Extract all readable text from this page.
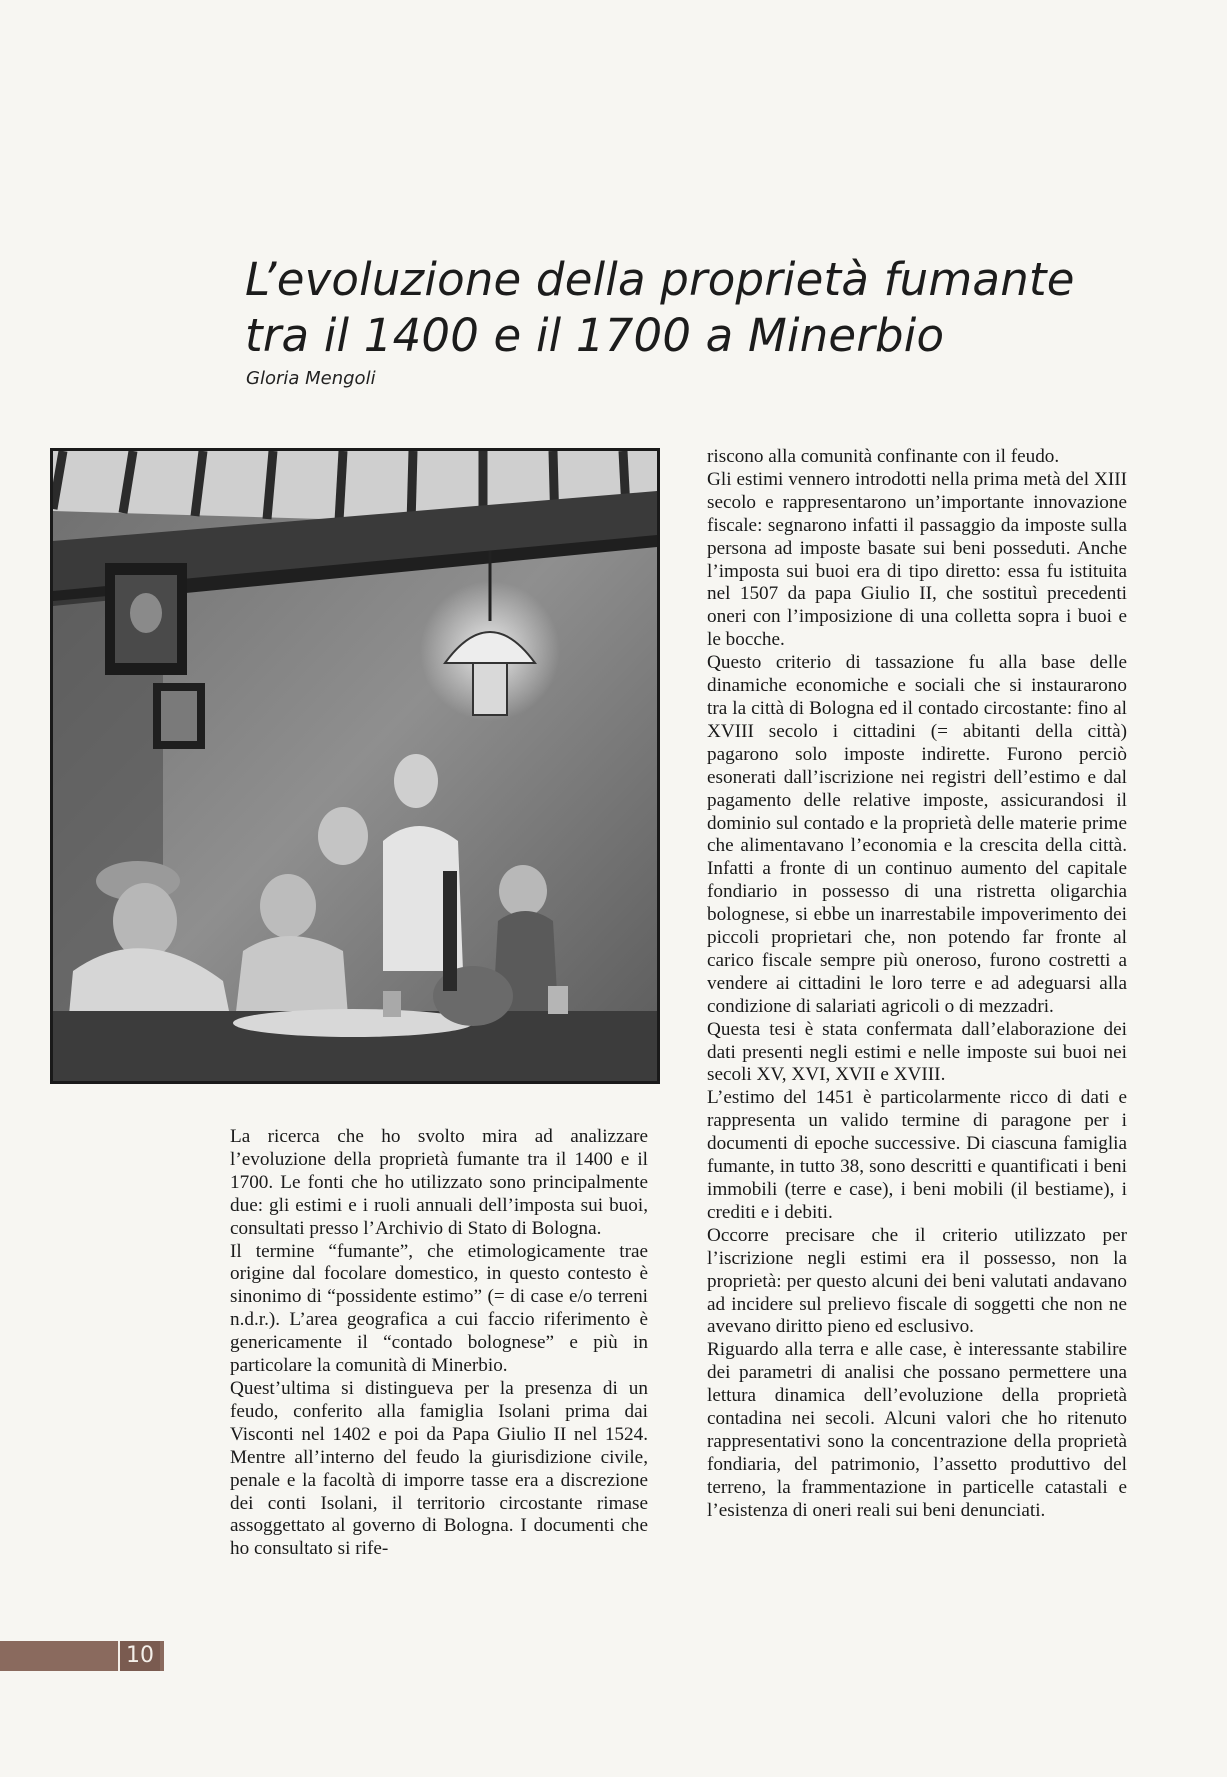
L’evoluzione della proprietà fumante
tra il 1400 e il 1700 a Minerbio
Gloria Mengoli

La ricerca che ho svolto mira ad analizzare l’evoluzione della proprietà fumante tra il 1400 e il 1700. Le fonti che ho utilizzato sono principalmente due: gli estimi e i ruoli annuali dell’imposta sui buoi, consultati presso l’Archivio di Stato di Bologna.

Il termine “fumante”, che etimologicamente trae origine dal focolare domestico, in questo contesto è sinonimo di “possidente estimo” (= di case e/o terreni n.d.r.). L’area geografica a cui faccio riferimento è genericamente il “contado bolognese” e più in particolare la comunità di Minerbio.

Quest’ultima si distingueva per la presenza di un feudo, conferito alla famiglia Isolani prima dai Visconti nel 1402 e poi da Papa Giulio II nel 1524. Mentre all’interno del feudo la giurisdizione civile, penale e la facoltà di imporre tasse era a discrezione dei conti Isolani, il territorio circostante rimase assoggettato al governo di Bologna. I documenti che ho consultato si rife-

riscono alla comunità confinante con il feudo.

Gli estimi vennero introdotti nella prima metà del XIII secolo e rappresentarono un’importante innovazione fiscale: segnarono infatti il passaggio da imposte sulla persona ad imposte basate sui beni posseduti. Anche l’imposta sui buoi era di tipo diretto: essa fu istituita nel 1507 da papa Giulio II, che sostituì precedenti oneri con l’imposizione di una colletta sopra i buoi e le bocche.

Questo criterio di tassazione fu alla base delle dinamiche economiche e sociali che si instaurarono tra la città di Bologna ed il contado circostante: fino al XVIII secolo i cittadini (= abitanti della città) pagarono solo imposte indirette. Furono perciò esonerati dall’iscrizione nei registri dell’estimo e dal pagamento delle relative imposte, assicurandosi il dominio sul contado e la proprietà delle materie prime che alimentavano l’economia e la crescita della città. Infatti a fronte di un continuo aumento del capitale fondiario in possesso di una ristretta oligarchia bolognese, si ebbe un inarrestabile impoverimento dei piccoli proprietari che, non potendo far fronte al carico fiscale sempre più oneroso, furono costretti a vendere ai cittadini le loro terre e ad adeguarsi alla condizione di salariati agricoli o di mezzadri.

Questa tesi è stata confermata dall’elaborazione dei dati presenti negli estimi e nelle imposte sui buoi nei secoli XV, XVI, XVII e XVIII.

L’estimo del 1451 è particolarmente ricco di dati e rappresenta un valido termine di paragone per i documenti di epoche successive. Di ciascuna famiglia fumante, in tutto 38, sono descritti e quantificati i beni immobili (terre e case), i beni mobili (il bestiame), i crediti e i debiti.

Occorre precisare che il criterio utilizzato per l’iscrizione negli estimi era il possesso, non la proprietà: per questo alcuni dei beni valutati andavano ad incidere sul prelievo fiscale di soggetti che non ne avevano diritto pieno ed esclusivo.

Riguardo alla terra e alle case, è interessante stabilire dei parametri di analisi che possano permettere una lettura dinamica dell’evoluzione della proprietà contadina nei secoli. Alcuni valori che ho ritenuto rappresentativi sono la concentrazione della proprietà fondiaria, del patrimonio, l’assetto produttivo del terreno, la frammentazione in particelle catastali e l’esistenza di oneri reali sui beni denunciati.

10
